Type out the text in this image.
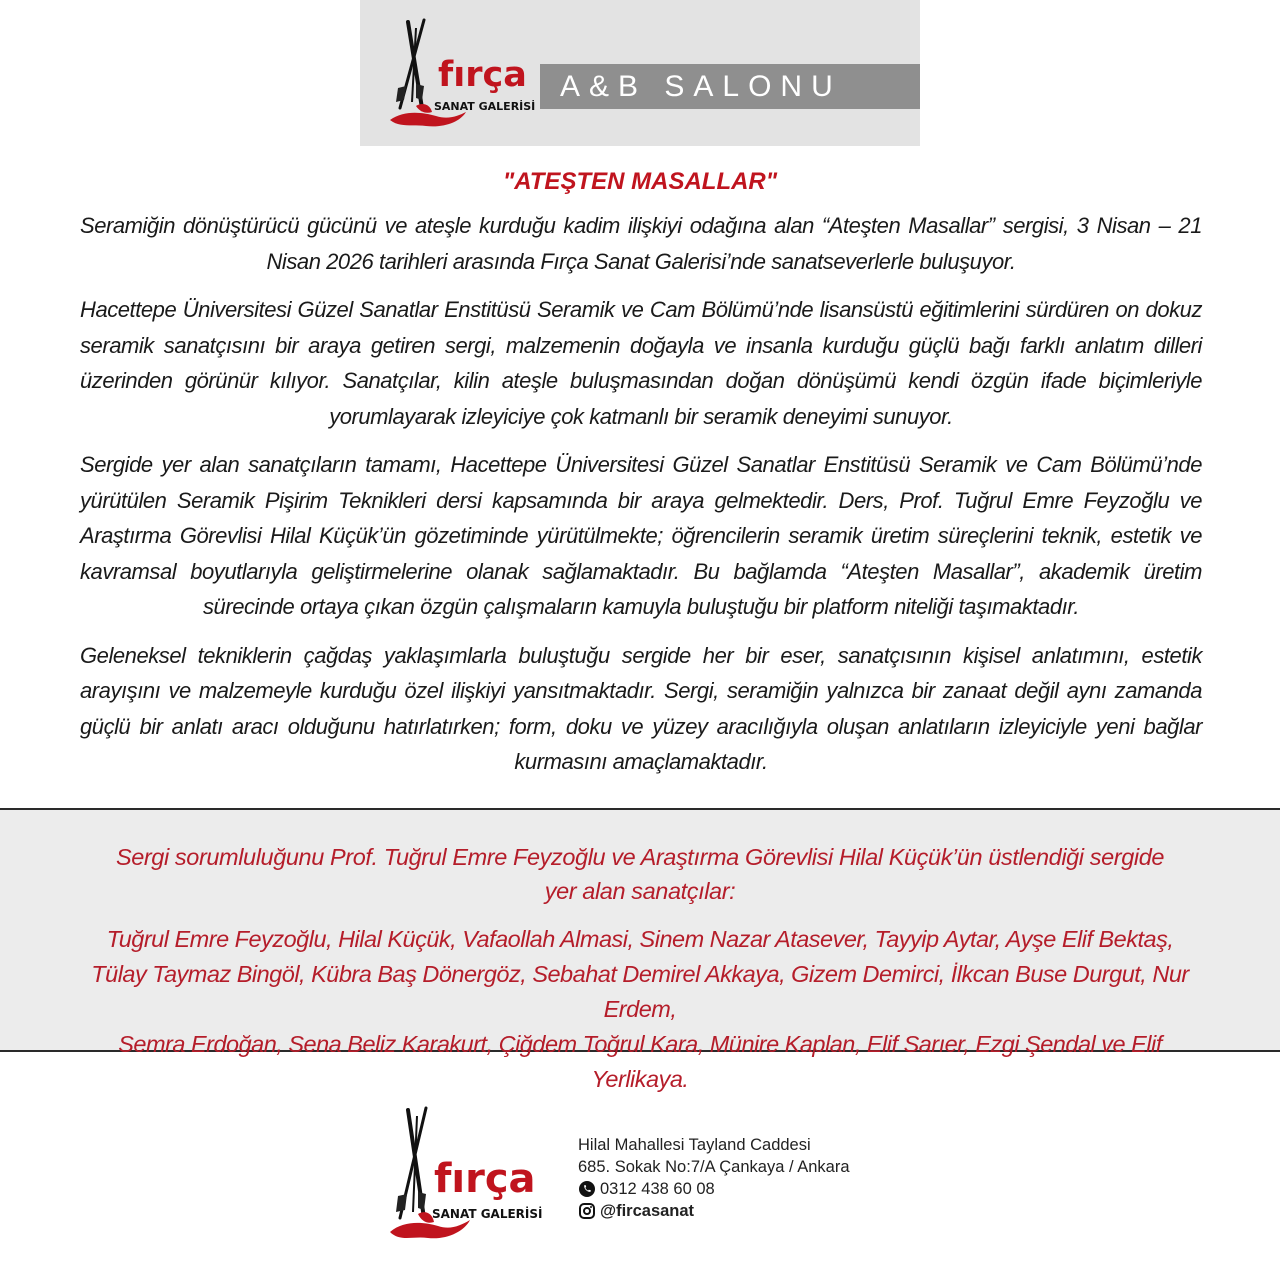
fırça
SANAT GALERİSİ
A&B SALONU
"ATEŞTEN MASALLAR"

Seramiğin dönüştürücü gücünü ve ateşle kurduğu kadim ilişkiyi odağına alan “Ateşten Masallar” sergisi, 3 Nisan – 21 Nisan 2026 tarihleri arasında Fırça Sanat Galerisi’nde sanatseverlerle buluşuyor.

Hacettepe Üniversitesi Güzel Sanatlar Enstitüsü Seramik ve Cam Bölümü’nde lisansüstü eğitimlerini sürdüren on dokuz seramik sanatçısını bir araya getiren sergi, malzemenin doğayla ve insanla kurduğu güçlü bağı farklı anlatım dilleri üzerinden görünür kılıyor. Sanatçılar, kilin ateşle buluşmasından doğan dönüşümü kendi özgün ifade biçimleriyle yorumlayarak izleyiciye çok katmanlı bir seramik deneyimi sunuyor.

Sergide yer alan sanatçıların tamamı, Hacettepe Üniversitesi Güzel Sanatlar Enstitüsü Seramik ve Cam Bölümü’nde yürütülen Seramik Pişirim Teknikleri dersi kapsamında bir araya gelmektedir. Ders, Prof. Tuğrul Emre Feyzoğlu ve Araştırma Görevlisi Hilal Küçük’ün gözetiminde yürütülmekte; öğrencilerin seramik üretim süreçlerini teknik, estetik ve kavramsal boyutlarıyla geliştirmelerine olanak sağlamaktadır. Bu bağlamda “Ateşten Masallar”, akademik üretim sürecinde ortaya çıkan özgün çalışmaların kamuyla buluştuğu bir platform niteliği taşımaktadır.

Geleneksel tekniklerin çağdaş yaklaşımlarla buluştuğu sergide her bir eser, sanatçısının kişisel anlatımını, estetik arayışını ve malzemeyle kurduğu özel ilişkiyi yansıtmaktadır. Sergi, seramiğin yalnızca bir zanaat değil aynı zamanda güçlü bir anlatı aracı olduğunu hatırlatırken; form, doku ve yüzey aracılığıyla oluşan anlatıların izleyiciyle yeni bağlar kurmasını amaçlamaktadır.

Sergi sorumluluğunu Prof. Tuğrul Emre Feyzoğlu ve Araştırma Görevlisi Hilal Küçük’ün üstlendiği sergide
yer alan sanatçılar:
Tuğrul Emre Feyzoğlu, Hilal Küçük, Vafaollah Almasi, Sinem Nazar Atasever, Tayyip Aytar, Ayşe Elif Bektaş,
Tülay Taymaz Bingöl, Kübra Baş Dönergöz, Sebahat Demirel Akkaya, Gizem Demirci, İlkcan Buse Durgut, Nur Erdem,
Semra Erdoğan, Sena Beliz Karakurt, Çiğdem Toğrul Kara, Münire Kaplan, Elif Sarıer, Ezgi Şendal ve Elif Yerlikaya.
fırça
SANAT GALERİSİ
Hilal Mahallesi Tayland Caddesi
685. Sokak No:7/A Çankaya / Ankara
0312 438 60 08
@fircasanat
